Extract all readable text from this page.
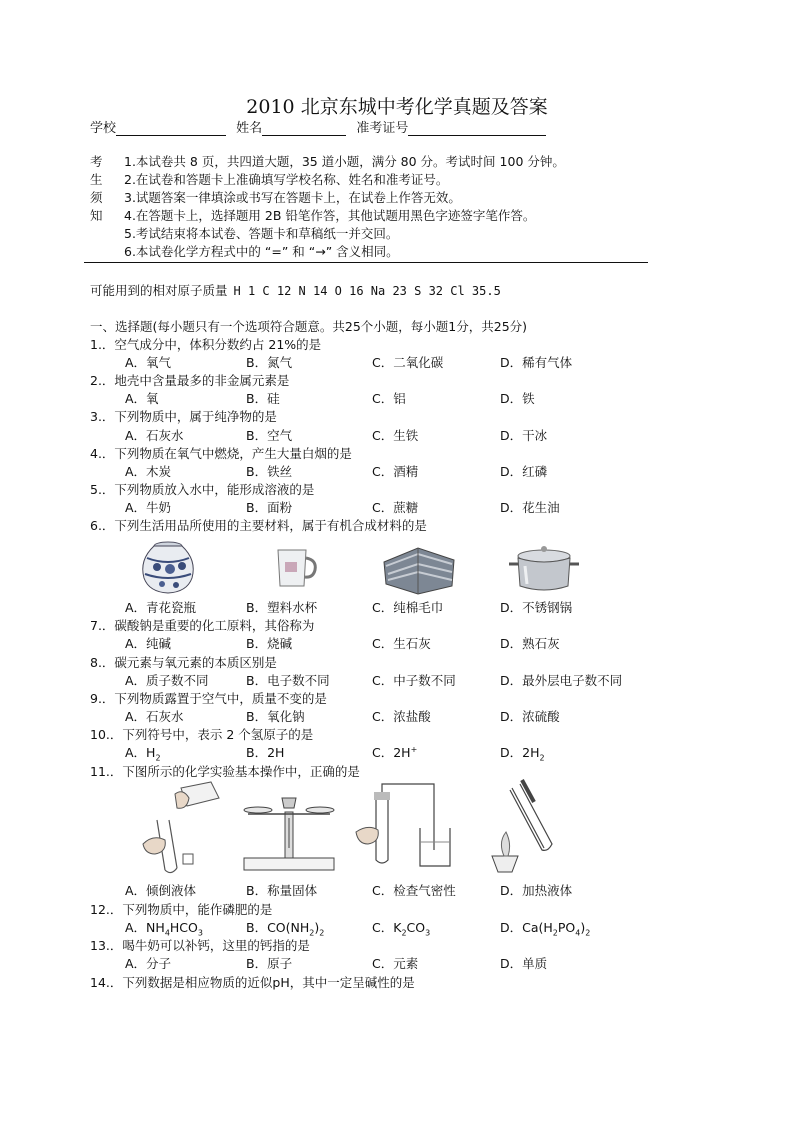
2010 北京东城中考化学真题及答案
学校	姓名	准考证号
考	1.本试卷共 8 页，共四道大题，35 道小题，满分 80 分。考试时间 100 分钟。
生	2.在试卷和答题卡上准确填写学校名称、姓名和准考证号。
须	3.试题答案一律填涂或书写在答题卡上，在试卷上作答无效。
知	4.在答题卡上，选择题用 2B 铅笔作答，其他试题用黑色字迹签字笔作答。
5.考试结束将本试卷、答题卡和草稿纸一并交回。
6.本试卷化学方程式中的 “=” 和 “→” 含义相同。
可能用到的相对原子质量 H 1 C 12 N 14 O 16 Na 23 S 32 Cl 35.5
一、选择题(每小题只有一个选项符合题意。共25个小题，每小题1分，共25分)
1.．空气成分中，体积分数约占 21%的是
A．氧气	B．氮气	C．二氧化碳	D．稀有气体
2.．地壳中含量最多的非金属元素是
A．氧	B．硅	C．铝	D．铁
3.．下列物质中，属于纯净物的是
A．石灰水	B．空气	C．生铁	D．干冰
4.．下列物质在氧气中燃烧，产生大量白烟的是
A．木炭	B．铁丝	C．酒精	D．红磷
5.．下列物质放入水中，能形成溶液的是
A．牛奶	B．面粉	C．蔗糖	D．花生油
6.．下列生活用品所使用的主要材料，属于有机合成材料的是
A．青花瓷瓶	B．塑料水杯	C．纯棉毛巾	D．不锈钢锅
7.．碳酸钠是重要的化工原料，其俗称为
A．纯碱	B．烧碱	C．生石灰	D．熟石灰
8.．碳元素与氧元素的本质区别是
A．质子数不同	B．电子数不同	C．中子数不同	D．最外层电子数不同
9.．下列物质露置于空气中，质量不变的是
A．石灰水	B．氧化钠	C．浓盐酸	D．浓硫酸
10.．下列符号中，表示 2 个氢原子的是
A．$H_2$	B．2H	C．2H+	D．$2H_2$
11.．下图所示的化学实验基本操作中，正确的是
A．倾倒液体	B．称量固体	C．检查气密性	D．加热液体
12.．下列物质中，能作磷肥的是
A．$NH_4HCO_3$	B．$CO(NH_2)_2$	C．$K_2CO_3$	D．$Ca(H_2PO_4)_2$
13.．喝牛奶可以补钙，这里的钙指的是
A．分子	B．原子	C．元素	D．单质
14.．下列数据是相应物质的近似pH，其中一定呈碱性的是
